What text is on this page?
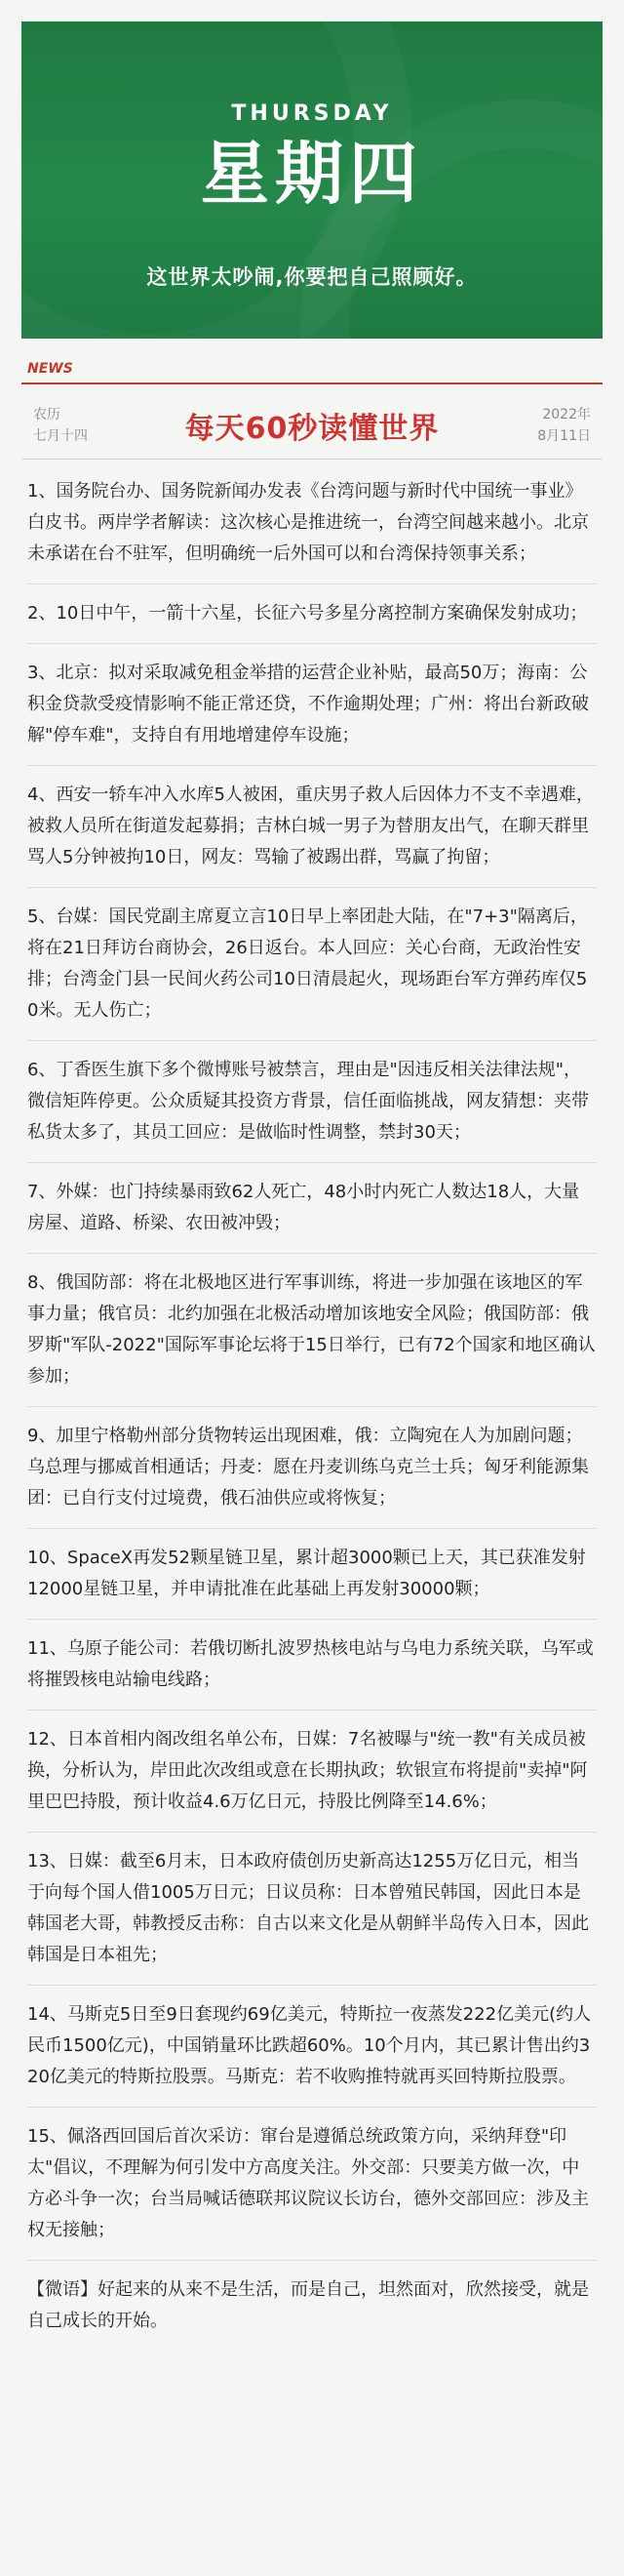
THURSDAY
星期四
这世界太吵闹,你要把自己照顾好。
NEWS
农历
七月十四	每天60秒读懂世界	2022年
8月11日

1、国务院台办、国务院新闻办发表《台湾问题与新时代中国统一事业》白皮书。两岸学者解读：这次核心是推进统一，台湾空间越来越小。北京未承诺在台不驻军，但明确统一后外国可以和台湾保持领事关系；

2、10日中午，一箭十六星，长征六号多星分离控制方案确保发射成功；

3、北京：拟对采取减免租金举措的运营企业补贴，最高50万；海南：公积金贷款受疫情影响不能正常还贷，不作逾期处理；广州：将出台新政破解"停车难"，支持自有用地增建停车设施；

4、西安一轿车冲入水库5人被困，重庆男子救人后因体力不支不幸遇难，被救人员所在街道发起募捐；吉林白城一男子为替朋友出气，在聊天群里骂人5分钟被拘10日，网友：骂输了被踢出群，骂赢了拘留；

5、台媒：国民党副主席夏立言10日早上率团赴大陆，在"7+3"隔离后，将在21日拜访台商协会，26日返台。本人回应：关心台商，无政治性安排；台湾金门县一民间火药公司10日清晨起火，现场距台军方弹药库仅50米。无人伤亡；

6、丁香医生旗下多个微博账号被禁言，理由是"因违反相关法律法规"，微信矩阵停更。公众质疑其投资方背景，信任面临挑战，网友猜想：夹带私货太多了，其员工回应：是做临时性调整，禁封30天；

7、外媒：也门持续暴雨致62人死亡，48小时内死亡人数达18人，大量房屋、道路、桥梁、农田被冲毁；

8、俄国防部：将在北极地区进行军事训练，将进一步加强在该地区的军事力量；俄官员：北约加强在北极活动增加该地安全风险；俄国防部：俄罗斯"军队-2022"国际军事论坛将于15日举行，已有72个国家和地区确认参加；

9、加里宁格勒州部分货物转运出现困难，俄：立陶宛在人为加剧问题；乌总理与挪威首相通话；丹麦：愿在丹麦训练乌克兰士兵；匈牙利能源集团：已自行支付过境费，俄石油供应或将恢复；

10、SpaceX再发52颗星链卫星，累计超3000颗已上天，其已获准发射12000星链卫星，并申请批准在此基础上再发射30000颗；

11、乌原子能公司：若俄切断扎波罗热核电站与乌电力系统关联，乌军或将摧毁核电站输电线路；

12、日本首相内阁改组名单公布，日媒：7名被曝与"统一教"有关成员被换，分析认为，岸田此次改组或意在长期执政；软银宣布将提前"卖掉"阿里巴巴持股，预计收益4.6万亿日元，持股比例降至14.6%；

13、日媒：截至6月末，日本政府债创历史新高达1255万亿日元，相当于向每个国人借1005万日元；日议员称：日本曾殖民韩国，因此日本是韩国老大哥，韩教授反击称：自古以来文化是从朝鲜半岛传入日本，因此韩国是日本祖先；

14、马斯克5日至9日套现约69亿美元，特斯拉一夜蒸发222亿美元(约人民币1500亿元)，中国销量环比跌超60%。10个月内，其已累计售出约320亿美元的特斯拉股票。马斯克：若不收购推特就再买回特斯拉股票。

15、佩洛西回国后首次采访：窜台是遵循总统政策方向，采纳拜登"印太"倡议，不理解为何引发中方高度关注。外交部：只要美方做一次，中方必斗争一次；台当局喊话德联邦议院议长访台，德外交部回应：涉及主权无接触；

【微语】好起来的从来不是生活，而是自己，坦然面对，欣然接受，就是自己成长的开始。
